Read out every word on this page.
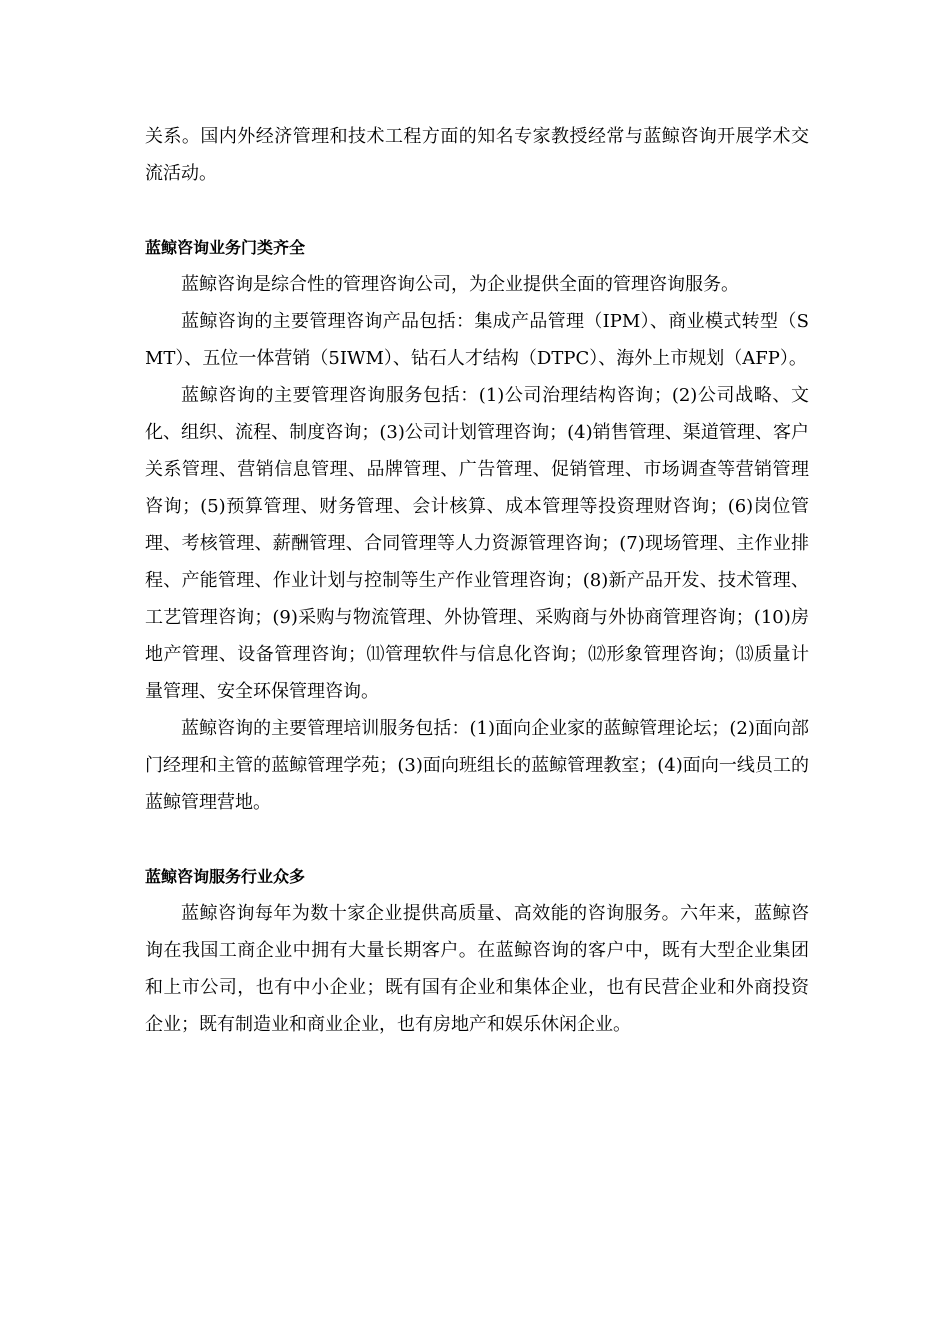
关系。国内外经济管理和技术工程方面的知名专家教授经常与蓝鲸咨询开展学术交流活动。

蓝鲸咨询业务门类齐全

蓝鲸咨询是综合性的管理咨询公司，为企业提供全面的管理咨询服务。

蓝鲸咨询的主要管理咨询产品包括：集成产品管理（IPM）、商业模式转型（SMT）、五位一体营销（5IWM）、钻石人才结构（DTPC）、海外上市规划（AFP）。

蓝鲸咨询的主要管理咨询服务包括：(1)公司治理结构咨询；(2)公司战略、文化、组织、流程、制度咨询；(3)公司计划管理咨询；(4)销售管理、渠道管理、客户关系管理、营销信息管理、品牌管理、广告管理、促销管理、市场调查等营销管理咨询；(5)预算管理、财务管理、会计核算、成本管理等投资理财咨询；(6)岗位管理、考核管理、薪酬管理、合同管理等人力资源管理咨询；(7)现场管理、主作业排程、产能管理、作业计划与控制等生产作业管理咨询；(8)新产品开发、技术管理、工艺管理咨询；(9)采购与物流管理、外协管理、采购商与外协商管理咨询；(10)房地产管理、设备管理咨询；⑾管理软件与信息化咨询；⑿形象管理咨询；⒀质量计量管理、安全环保管理咨询。

蓝鲸咨询的主要管理培训服务包括：(1)面向企业家的蓝鲸管理论坛；(2)面向部门经理和主管的蓝鲸管理学苑；(3)面向班组长的蓝鲸管理教室；(4)面向一线员工的蓝鲸管理营地。

蓝鲸咨询服务行业众多

蓝鲸咨询每年为数十家企业提供高质量、高效能的咨询服务。六年来，蓝鲸咨询在我国工商企业中拥有大量长期客户。在蓝鲸咨询的客户中，既有大型企业集团和上市公司，也有中小企业；既有国有企业和集体企业，也有民营企业和外商投资企业；既有制造业和商业企业，也有房地产和娱乐休闲企业。
